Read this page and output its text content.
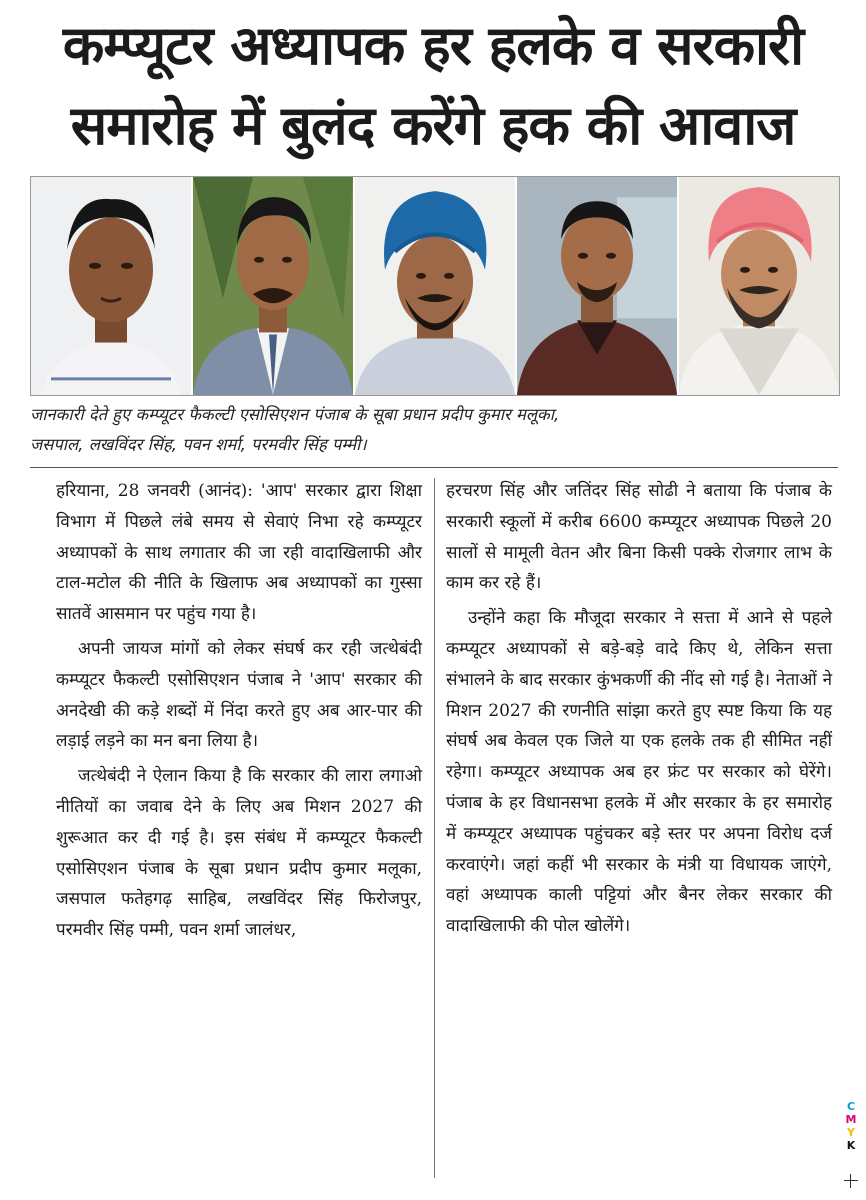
कम्प्यूटर अध्यापक हर हलके व सरकारी
समारोह में बुलंद करेंगे हक की आवाज
जानकारी देते हुए कम्प्यूटर फैकल्टी एसोसिएशन पंजाब के सूबा प्रधान प्रदीप कुमार मलूका,
जसपाल, लखविंदर सिंह, पवन शर्मा, परमवीर सिंह पम्मी।

हरियाना, 28 जनवरी (आनंद): 'आप' सरकार द्वारा शिक्षा विभाग में पिछले लंबे समय से सेवाएं निभा रहे कम्प्यूटर अध्यापकों के साथ लगातार की जा रही वादाखिलाफी और टाल-मटोल की नीति के खिलाफ अब अध्यापकों का गुस्सा सातवें आसमान पर पहुंच गया है।

अपनी जायज मांगों को लेकर संघर्ष कर रही जत्थेबंदी कम्प्यूटर फैकल्टी एसोसिएशन पंजाब ने 'आप' सरकार की अनदेखी की कड़े शब्दों में निंदा करते हुए अब आर-पार की लड़ाई लड़ने का मन बना लिया है।

जत्थेबंदी ने ऐलान किया है कि सरकार की लारा लगाओ नीतियों का जवाब देने के लिए अब मिशन 2027 की शुरूआत कर दी गई है। इस संबंध में कम्प्यूटर फैकल्टी एसोसिएशन पंजाब के सूबा प्रधान प्रदीप कुमार मलूका, जसपाल फतेहगढ़ साहिब, लखविंदर सिंह फिरोजपुर, परमवीर सिंह पम्मी, पवन शर्मा जालंधर,

हरचरण सिंह और जतिंदर सिंह सोढी ने बताया कि पंजाब के सरकारी स्कूलों में करीब 6600 कम्प्यूटर अध्यापक पिछले 20 सालों से मामूली वेतन और बिना किसी पक्के रोजगार लाभ के काम कर रहे हैं।

उन्होंने कहा कि मौजूदा सरकार ने सत्ता में आने से पहले कम्प्यूटर अध्यापकों से बड़े-बड़े वादे किए थे, लेकिन सत्ता संभालने के बाद सरकार कुंभकर्णी की नींद सो गई है। नेताओं ने मिशन 2027 की रणनीति सांझा करते हुए स्पष्ट किया कि यह संघर्ष अब केवल एक जिले या एक हलके तक ही सीमित नहीं रहेगा। कम्प्यूटर अध्यापक अब हर फ्रंट पर सरकार को घेरेंगे। पंजाब के हर विधानसभा हलके में और सरकार के हर समारोह में कम्प्यूटर अध्यापक पहुंचकर बड़े स्तर पर अपना विरोध दर्ज करवाएंगे। जहां कहीं भी सरकार के मंत्री या विधायक जाएंगे, वहां अध्यापक काली पट्टियां और बैनर लेकर सरकार की वादाखिलाफी की पोल खोलेंगे।

C
M
Y
K
